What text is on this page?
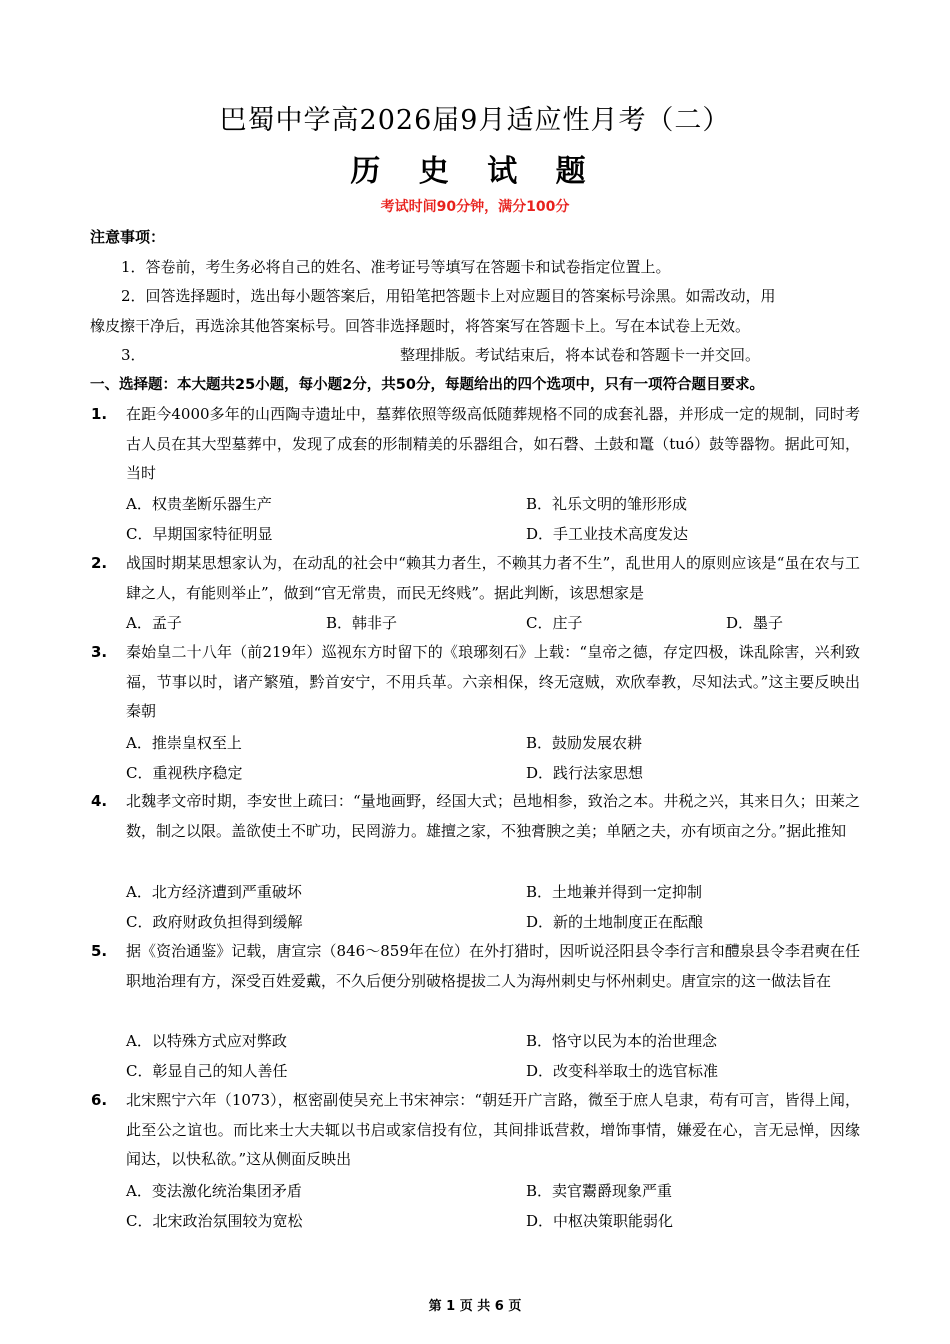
巴蜀中学高2026届9月适应性月考（二）
历 史 试 题
考试时间90分钟，满分100分
注意事项：
1．答卷前，考生务必将自己的姓名、准考证号等填写在答题卡和试卷指定位置上。
2．回答选择题时，选出每小题答案后，用铅笔把答题卡上对应题目的答案标号涂黑。如需改动，用
橡皮擦干净后，再选涂其他答案标号。回答非选择题时，将答案写在答题卡上。写在本试卷上无效。
3．	整理排版。考试结束后，将本试卷和答题卡一并交回。
一、选择题：本大题共25小题，每小题2分，共50分，每题给出的四个选项中，只有一项符合题目要求。
1. 在距今4000多年的山西陶寺遗址中，墓葬依照等级高低随葬规格不同的成套礼器，并形成一定的规制，同时考古人员在其大型墓葬中，发现了成套的形制精美的乐器组合，如石磬、土鼓和鼍（tuó）鼓等器物。据此可知，当时
A．权贵垄断乐器生产	B．礼乐文明的雏形形成
C．早期国家特征明显	D．手工业技术高度发达
2. 战国时期某思想家认为，在动乱的社会中“赖其力者生，不赖其力者不生”，乱世用人的原则应该是“虽在农与工肆之人，有能则举止”，做到“官无常贵，而民无终贱”。据此判断，该思想家是
A．孟子	B．韩非子	C．庄子	D．墨子
3. 秦始皇二十八年（前219年）巡视东方时留下的《琅琊刻石》上载：“皇帝之德，存定四极，诛乱除害，兴利致福，节事以时，诸产繁殖，黔首安宁，不用兵革。六亲相保，终无寇贼，欢欣奉教，尽知法式。”这主要反映出秦朝
A．推崇皇权至上	B．鼓励发展农耕
C．重视秩序稳定	D．践行法家思想
4. 北魏孝文帝时期，李安世上疏曰：“量地画野，经国大式；邑地相参，致治之本。井税之兴，其来日久；田莱之数，制之以限。盖欲使土不旷功，民罔游力。雄擅之家，不独膏腴之美；单陋之夫，亦有顷亩之分。”据此推知
A．北方经济遭到严重破坏	B．土地兼并得到一定抑制
C．政府财政负担得到缓解	D．新的土地制度正在酝酿
5. 据《资治通鉴》记载，唐宣宗（846～859年在位）在外打猎时，因听说泾阳县令李行言和醴泉县令李君奭在任职地治理有方，深受百姓爱戴，不久后便分别破格提拔二人为海州刺史与怀州刺史。唐宣宗的这一做法旨在
A．以特殊方式应对弊政	B．恪守以民为本的治世理念
C．彰显自己的知人善任	D．改变科举取士的选官标准
6. 北宋熙宁六年（1073），枢密副使吴充上书宋神宗：“朝廷开广言路，微至于庶人皂隶，苟有可言，皆得上闻，此至公之谊也。而比来士大夫辄以书启或家信投有位，其间排诋营救，增饰事情，嫌爱在心，言无忌惮，因缘闻达，以快私欲。”这从侧面反映出
A．变法激化统治集团矛盾	B．卖官鬻爵现象严重
C．北宋政治氛围较为宽松	D．中枢决策职能弱化
第 1 页 共 6 页
